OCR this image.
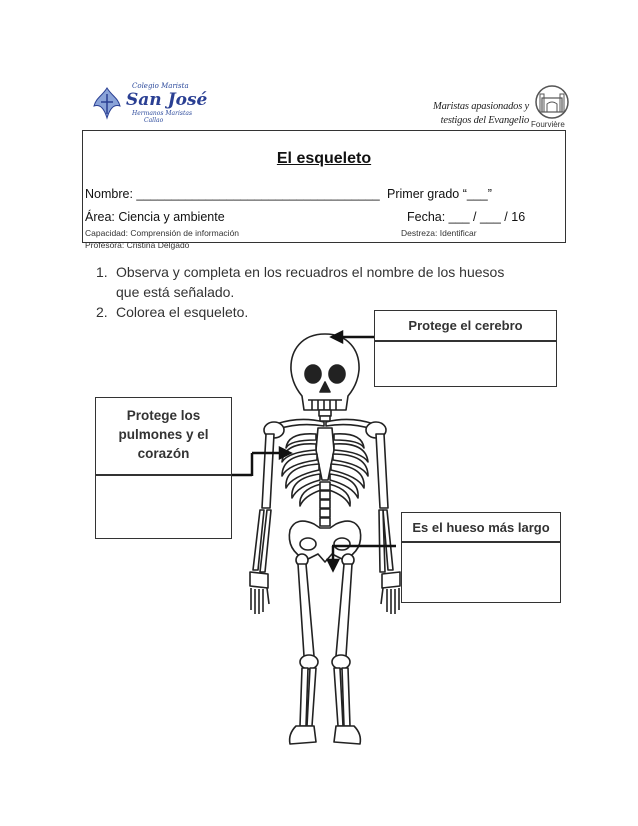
Colegio Marista
San José
Hermanos Maristas
Callao
Maristas apasionados y
testigos del Evangelio Fourvière
El esqueleto
Nombre: ___________________________________ Primer grado “___”
Área: Ciencia y ambiente	Fecha: ___ / ___ / 16
Capacidad: Comprensión de información	Destreza: Identificar
Profesora: Cristina Delgado
1. Observa y completa en los recuadros el nombre de los huesos
que está señalado.
2. Colorea el esqueleto.
Protege el cerebro
Protege los
pulmones y el
corazón
Es el hueso más largo
